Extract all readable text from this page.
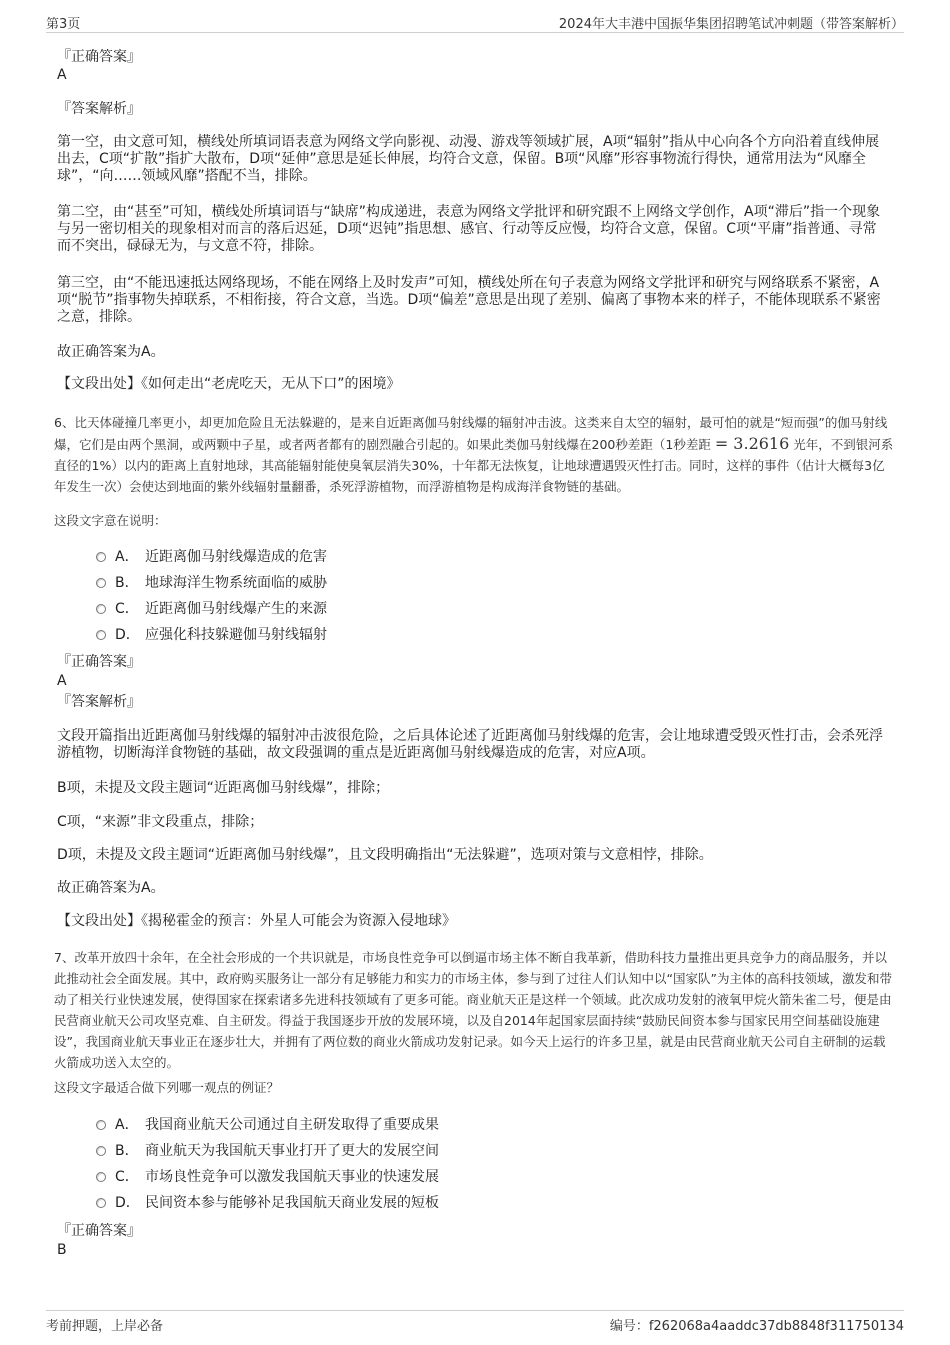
第3页	2024年大丰港中国振华集团招聘笔试冲刺题（带答案解析）
『正确答案』
A
『答案解析』

第一空，由文意可知，横线处所填词语表意为网络文学向影视、动漫、游戏等领域扩展，A项“辐射”指从中心向各个方向沿着直线伸展出去，C项“扩散”指扩大散布，D项“延伸”意思是延长伸展，均符合文意，保留。B项“风靡”形容事物流行得快，通常用法为“风靡全球”，“向……领域风靡”搭配不当，排除。

第二空，由“甚至”可知，横线处所填词语与“缺席”构成递进，表意为网络文学批评和研究跟不上网络文学创作，A项“滞后”指一个现象与另一密切相关的现象相对而言的落后迟延，D项“迟钝”指思想、感官、行动等反应慢，均符合文意，保留。C项“平庸”指普通、寻常而不突出，碌碌无为，与文意不符，排除。

第三空，由“不能迅速抵达网络现场，不能在网络上及时发声”可知，横线处所在句子表意为网络文学批评和研究与网络联系不紧密，A项“脱节”指事物失掉联系，不相衔接，符合文意，当选。D项“偏差”意思是出现了差别、偏离了事物本来的样子，不能体现联系不紧密之意，排除。

故正确答案为A。
【文段出处】《如何走出“老虎吃天，无从下口”的困境》

6、比天体碰撞几率更小，却更加危险且无法躲避的，是来自近距离伽马射线爆的辐射冲击波。这类来自太空的辐射，最可怕的就是“短而强”的伽马射线爆，它们是由两个黑洞，或两颗中子星，或者两者都有的剧烈融合引起的。如果此类伽马射线爆在200秒差距（1秒差距 = 3.2616 光年，不到银河系直径的1%）以内的距离上直射地球，其高能辐射能使臭氧层消失30%，十年都无法恢复，让地球遭遇毁灭性打击。同时，这样的事件（估计大概每3亿年发生一次）会使达到地面的紫外线辐射量翻番，杀死浮游植物，而浮游植物是构成海洋食物链的基础。

这段文字意在说明：
A． 近距离伽马射线爆造成的危害
B． 地球海洋生物系统面临的威胁
C． 近距离伽马射线爆产生的来源
D． 应强化科技躲避伽马射线辐射
『正确答案』
A
『答案解析』

文段开篇指出近距离伽马射线爆的辐射冲击波很危险，之后具体论述了近距离伽马射线爆的危害，会让地球遭受毁灭性打击，会杀死浮游植物，切断海洋食物链的基础，故文段强调的重点是近距离伽马射线爆造成的危害，对应A项。

B项，未提及文段主题词“近距离伽马射线爆”，排除；
C项，“来源”非文段重点，排除；
D项，未提及文段主题词“近距离伽马射线爆”，且文段明确指出“无法躲避”，选项对策与文意相悖，排除。
故正确答案为A。
【文段出处】《揭秘霍金的预言：外星人可能会为资源入侵地球》

7、改革开放四十余年，在全社会形成的一个共识就是，市场良性竞争可以倒逼市场主体不断自我革新，借助科技力量推出更具竞争力的商品服务，并以此推动社会全面发展。其中，政府购买服务让一部分有足够能力和实力的市场主体，参与到了过往人们认知中以“国家队”为主体的高科技领域，激发和带动了相关行业快速发展，使得国家在探索诸多先进科技领域有了更多可能。商业航天正是这样一个领域。此次成功发射的液氧甲烷火箭朱雀二号，便是由民营商业航天公司攻坚克难、自主研发。得益于我国逐步开放的发展环境，以及自2014年起国家层面持续“鼓励民间资本参与国家民用空间基础设施建设”，我国商业航天事业正在逐步壮大，并拥有了两位数的商业火箭成功发射记录。如今天上运行的许多卫星，就是由民营商业航天公司自主研制的运载火箭成功送入太空的。

这段文字最适合做下列哪一观点的例证？
A． 我国商业航天公司通过自主研发取得了重要成果
B． 商业航天为我国航天事业打开了更大的发展空间
C． 市场良性竞争可以激发我国航天事业的快速发展
D． 民间资本参与能够补足我国航天商业发展的短板
『正确答案』
B
考前押题，上岸必备	编号：f262068a4aaddc37db8848f311750134
